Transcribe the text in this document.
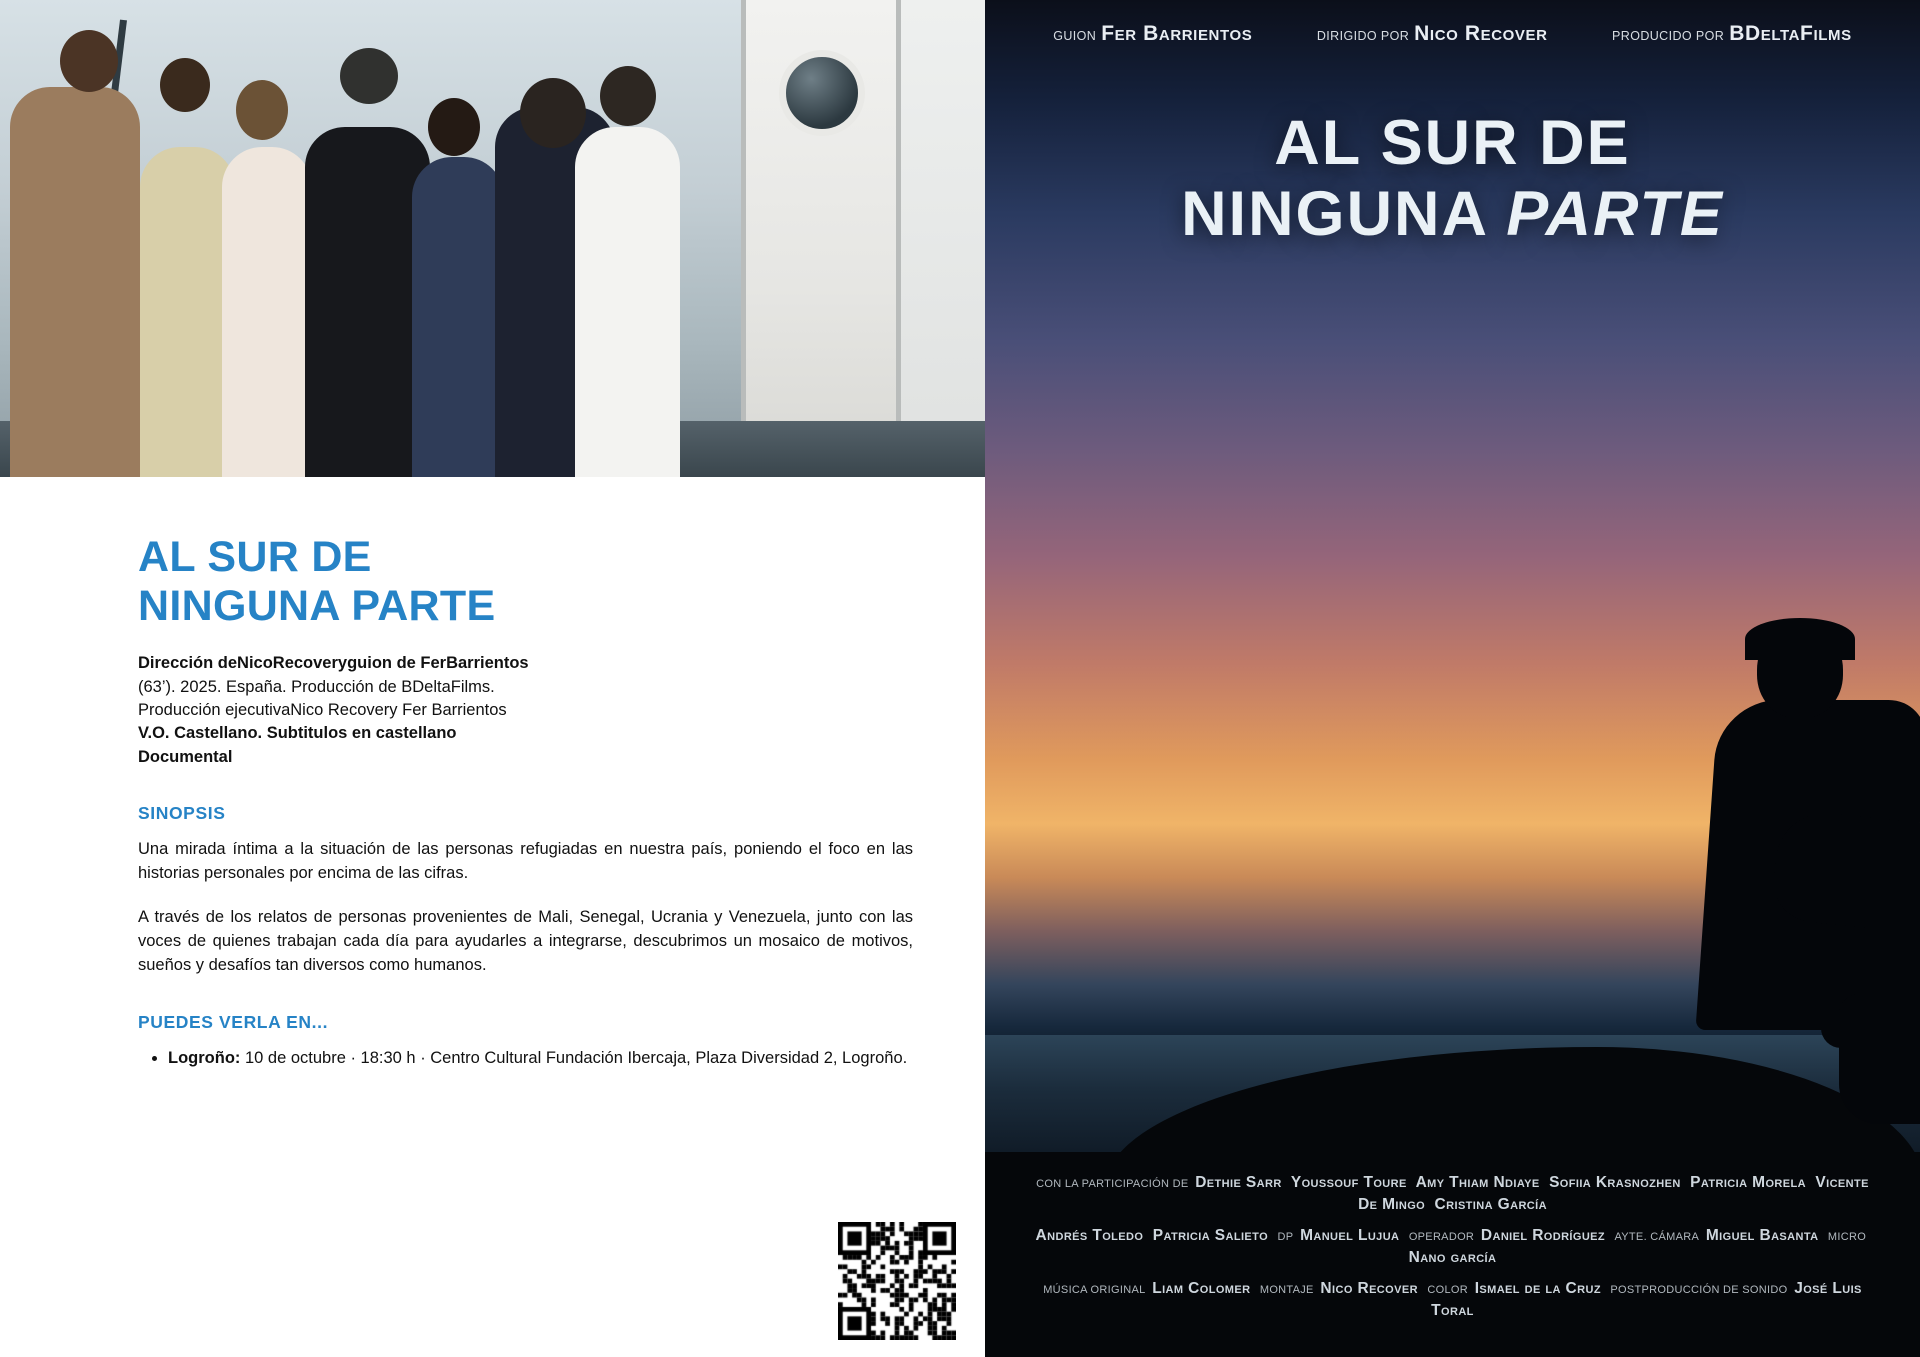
AL SUR DE
NINGUNA PARTE
Dirección deNicoRecoveryguion de FerBarrientos
(63’). 2025. España. Producción de BDeltaFilms.
Producción ejecutivaNico Recovery Fer Barrientos
V.O. Castellano. Subtitulos en castellano
Documental
SINOPSIS

Una mirada íntima a la situación de las personas refugiadas en nuestra país, poniendo el foco en las historias personales por encima de las cifras.

A través de los relatos de personas provenientes de Mali, Senegal, Ucrania y Venezuela, junto con las voces de quienes trabajan cada día para ayudarles a integrarse, descubrimos un mosaico de motivos, sueños y desafíos tan diversos como humanos.

PUEDES VERLA EN...
• Logroño: 10 de octubre · 18:30 h · Centro Cultural Fundación Ibercaja, Plaza Diversidad 2, Logroño.
GUION Fer Barrientos	DIRIGIDO POR Nico Recover	PRODUCIDO POR BDeltaFilms
AL SUR DE
NINGUNA PARTE
CON LA PARTICIPACIÓN DE  Dethie Sarr  Youssouf Toure  Amy Thiam Ndiaye  Sofiia Krasnozhen  Patricia Morela  Vicente De Mingo  Cristina García
Andrés Toledo  Patricia Salieto  DP  Manuel Lujua  OPERADOR  Daniel Rodríguez  AYTE. CÁMARA  Miguel Basanta  MICRO  Nano garcía
MÚSICA ORIGINAL  Liam Colomer  MONTAJE  Nico Recover  COLOR  Ismael de la Cruz  POSTPRODUCCIÓN DE SONIDO  José Luis Toral
